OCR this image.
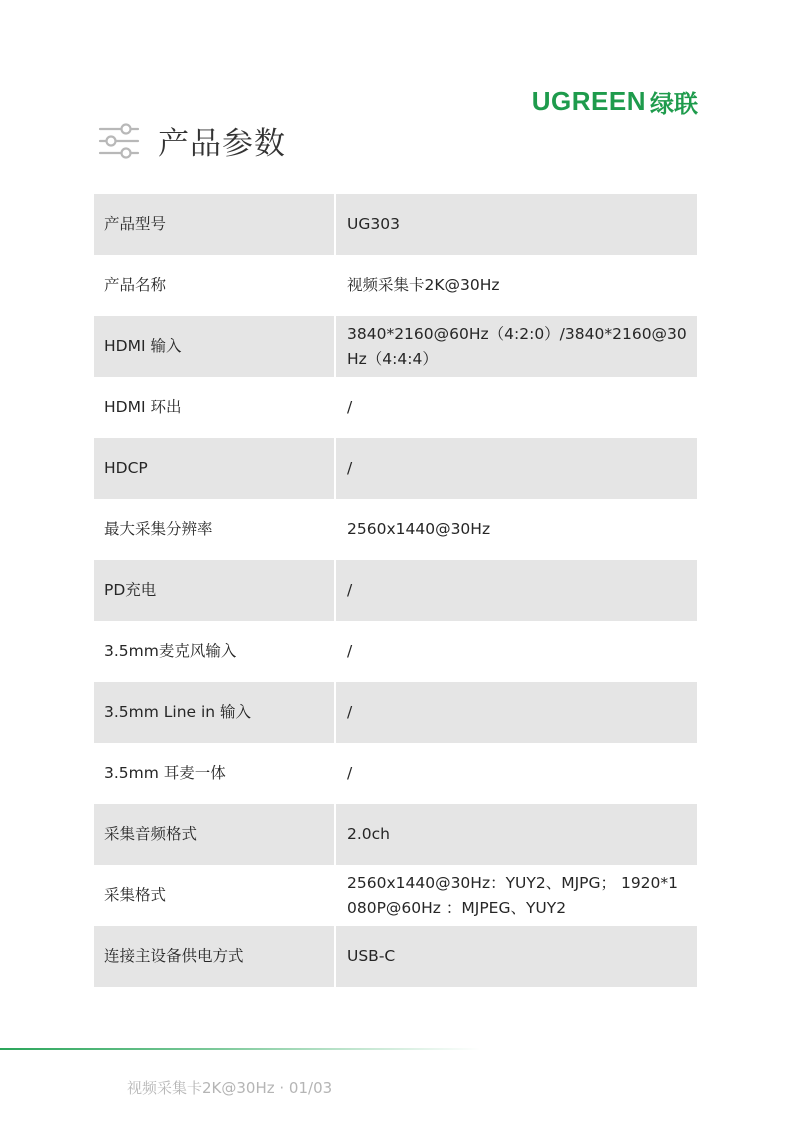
UGREEN 绿联
产品参数
产品型号	UG303
产品名称	视频采集卡2K@30Hz
HDMI 输入	3840*2160@60Hz（4:2:0）/3840*2160@30Hz（4:4:4）
HDMI 环出	/
HDCP	/
最大采集分辨率	2560x1440@30Hz
PD充电	/
3.5mm麦克风输入	/
3.5mm Line in 输入	/
3.5mm 耳麦一体	/
采集音频格式	2.0ch
采集格式	2560x1440@30Hz：YUY2、MJPG； 1920*1080P@60Hz ：MJPEG、YUY2
连接主设备供电方式	USB-C
视频采集卡2K@30Hz · 01/03
